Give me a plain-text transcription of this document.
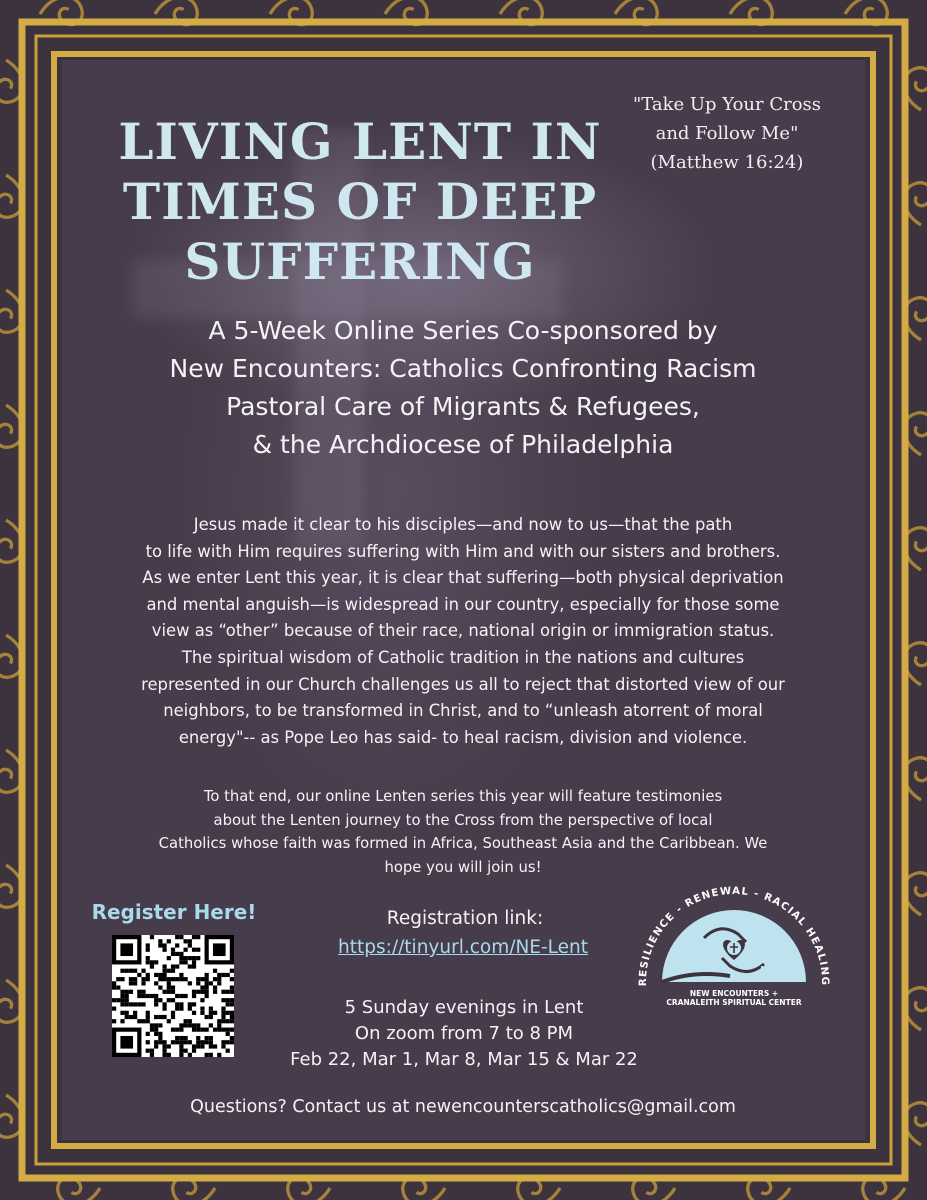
LIVING LENT IN
TIMES OF DEEP
SUFFERING
"Take Up Your Cross
and Follow Me"
(Matthew 16:24)
A 5-Week Online Series Co-sponsored by
New Encounters: Catholics Confronting Racism
Pastoral Care of Migrants & Refugees,
& the Archdiocese of Philadelphia
Jesus made it clear to his disciples—and now to us—that the path
to life with Him requires suffering with Him and with our sisters and brothers.
As we enter Lent this year, it is clear that suffering—both physical deprivation
and mental anguish—is widespread in our country, especially for those some
view as “other” because of their race, national origin or immigration status.
The spiritual wisdom of Catholic tradition in the nations and cultures
represented in our Church challenges us all to reject that distorted view of our
neighbors, to be transformed in Christ, and to “unleash atorrent of moral
energy"-- as Pope Leo has said- to heal racism, division and violence.
To that end, our online Lenten series this year will feature testimonies
about the Lenten journey to the Cross from the perspective of local
Catholics whose faith was formed in Africa, Southeast Asia and the Caribbean. We
hope you will join us!
Register Here!	Registration link:
https://tinyurl.com/NE-Lent
5 Sunday evenings in Lent
On zoom from 7 to 8 PM
Feb 22, Mar 1, Mar 8, Mar 15 & Mar 22
RESILIENCE - RENEWAL - RACIAL HEALING
NEW ENCOUNTERS +
CRANALEITH SPIRITUAL CENTER
Questions? Contact us at newencounterscatholics@gmail.com
